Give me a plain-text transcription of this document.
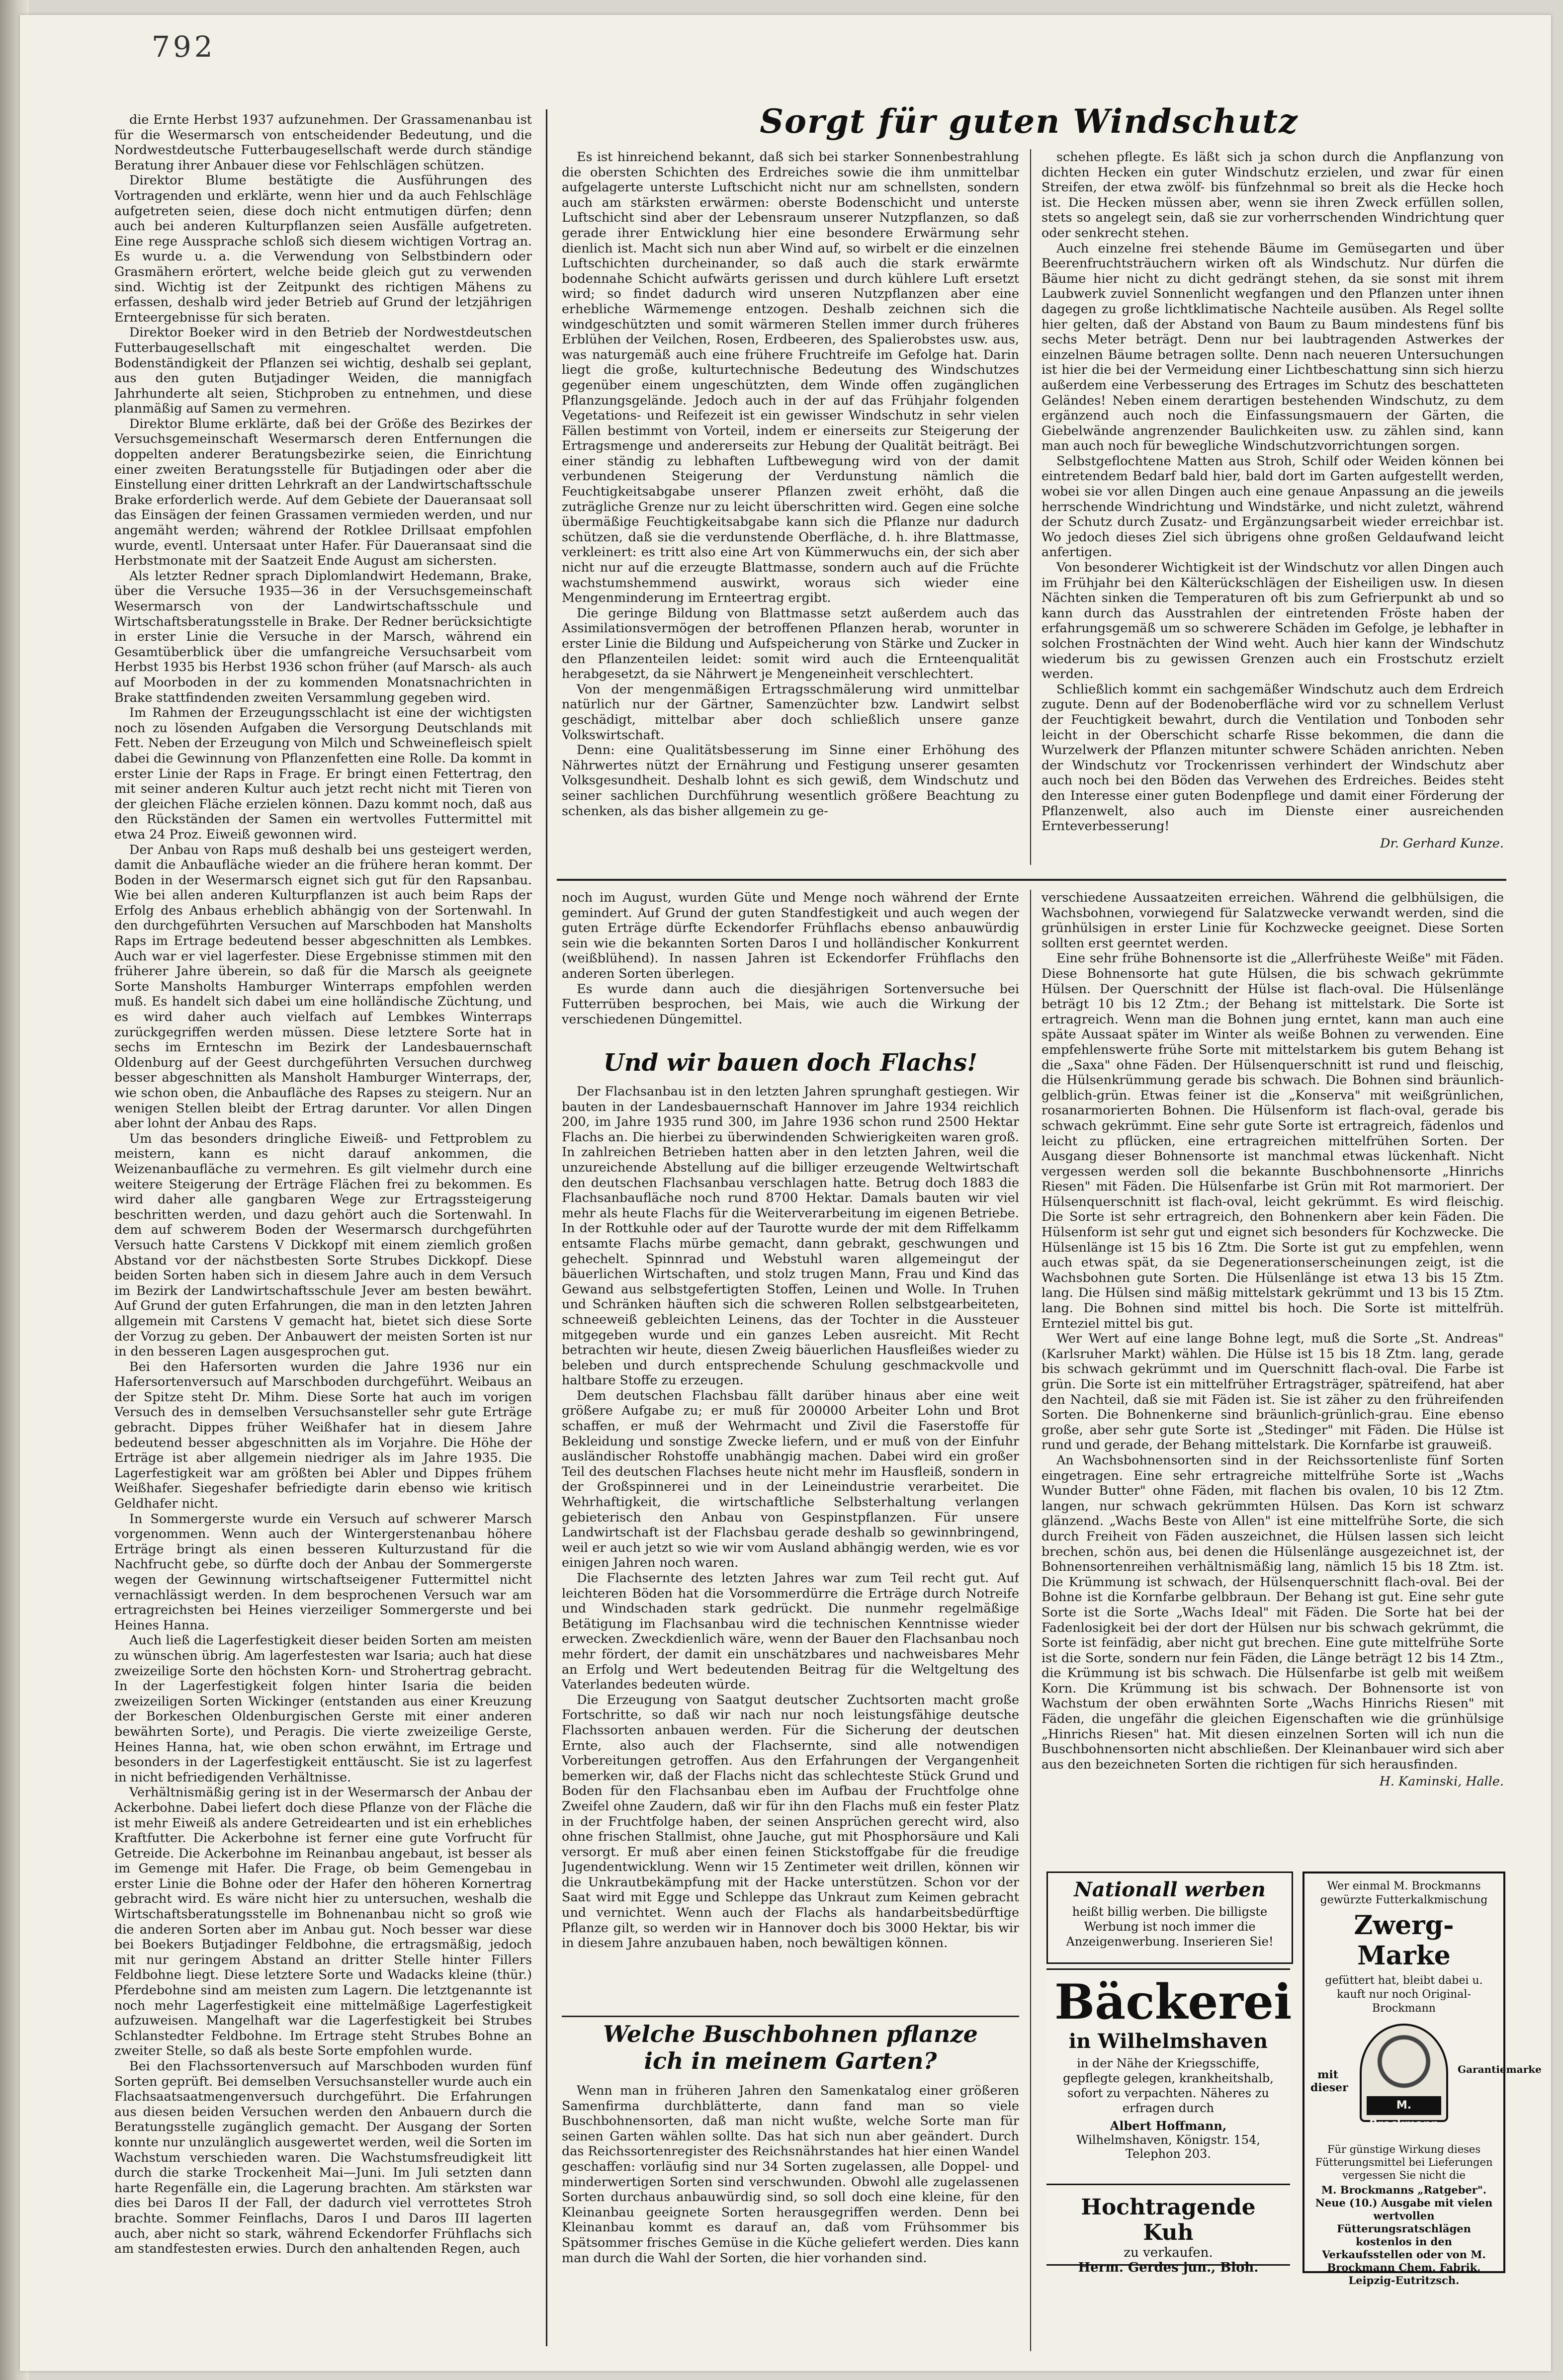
792

die Ernte Herbst 1937 aufzunehmen. Der Grassamenanbau ist für die Wesermarsch von entscheidender Bedeutung, und die Nordwestdeutsche Futterbaugesellschaft werde durch ständige Beratung ihrer Anbauer diese vor Fehlschlägen schützen.

Direktor Blume bestätigte die Ausführungen des Vortragenden und erklärte, wenn hier und da auch Fehlschläge aufgetreten seien, diese doch nicht entmutigen dürfen; denn auch bei anderen Kulturpflanzen seien Ausfälle aufgetreten. Eine rege Aussprache schloß sich diesem wichtigen Vortrag an. Es wurde u. a. die Verwendung von Selbstbindern oder Grasmähern erörtert, welche beide gleich gut zu verwenden sind. Wichtig ist der Zeitpunkt des richtigen Mähens zu erfassen, deshalb wird jeder Betrieb auf Grund der letzjährigen Ernteergebnisse für sich beraten.

Direktor Boeker wird in den Betrieb der Nordwestdeutschen Futterbaugesellschaft mit eingeschaltet werden. Die Bodenständigkeit der Pflanzen sei wichtig, deshalb sei geplant, aus den guten Butjadinger Weiden, die mannigfach Jahrhunderte alt seien, Stichproben zu entnehmen, und diese planmäßig auf Samen zu vermehren.

Direktor Blume erklärte, daß bei der Größe des Bezirkes der Versuchsgemeinschaft Wesermarsch deren Entfernungen die doppelten anderer Beratungsbezirke seien, die Einrichtung einer zweiten Beratungsstelle für Butjadingen oder aber die Einstellung einer dritten Lehrkraft an der Landwirtschaftsschule Brake erforderlich werde. Auf dem Gebiete der Daueransaat soll das Einsägen der feinen Grassamen vermieden werden, und nur angemäht werden; während der Rotklee Drillsaat empfohlen wurde, eventl. Untersaat unter Hafer. Für Daueransaat sind die Herbstmonate mit der Saatzeit Ende August am sichersten.

Als letzter Redner sprach Diplomlandwirt Hedemann, Brake, über die Versuche 1935—36 in der Versuchsgemeinschaft Wesermarsch von der Landwirtschaftsschule und Wirtschaftsberatungsstelle in Brake. Der Redner berücksichtigte in erster Linie die Versuche in der Marsch, während ein Gesamtüberblick über die umfangreiche Versuchsarbeit vom Herbst 1935 bis Herbst 1936 schon früher (auf Marsch- als auch auf Moorboden in der zu kommenden Monatsnachrichten in Brake stattfindenden zweiten Versammlung gegeben wird.

Im Rahmen der Erzeugungsschlacht ist eine der wichtigsten noch zu lösenden Aufgaben die Versorgung Deutschlands mit Fett. Neben der Erzeugung von Milch und Schweinefleisch spielt dabei die Gewinnung von Pflanzenfetten eine Rolle. Da kommt in erster Linie der Raps in Frage. Er bringt einen Fettertrag, den mit seiner anderen Kultur auch jetzt recht nicht mit Tieren von der gleichen Fläche erzielen können. Dazu kommt noch, daß aus den Rückständen der Samen ein wertvolles Futtermittel mit etwa 24 Proz. Eiweiß gewonnen wird.

Der Anbau von Raps muß deshalb bei uns gesteigert werden, damit die Anbaufläche wieder an die frühere heran kommt. Der Boden in der Wesermarsch eignet sich gut für den Rapsanbau. Wie bei allen anderen Kulturpflanzen ist auch beim Raps der Erfolg des Anbaus erheblich abhängig von der Sortenwahl. In den durchgeführten Versuchen auf Marschboden hat Mansholts Raps im Ertrage bedeutend besser abgeschnitten als Lembkes. Auch war er viel lagerfester. Diese Ergebnisse stimmen mit den früherer Jahre überein, so daß für die Marsch als geeignete Sorte Mansholts Hamburger Winterraps empfohlen werden muß. Es handelt sich dabei um eine holländische Züchtung, und es wird daher auch vielfach auf Lembkes Winterraps zurückgegriffen werden müssen. Diese letztere Sorte hat in sechs im Ernteschn im Bezirk der Landesbauernschaft Oldenburg auf der Geest durchgeführten Versuchen durchweg besser abgeschnitten als Mansholt Hamburger Winterraps, der, wie schon oben, die Anbaufläche des Rapses zu steigern. Nur an wenigen Stellen bleibt der Ertrag darunter. Vor allen Dingen aber lohnt der Anbau des Raps.

Um das besonders dringliche Eiweiß- und Fettproblem zu meistern, kann es nicht darauf ankommen, die Weizenanbaufläche zu vermehren. Es gilt vielmehr durch eine weitere Steigerung der Erträge Flächen frei zu bekommen. Es wird daher alle gangbaren Wege zur Ertragssteigerung beschritten werden, und dazu gehört auch die Sortenwahl. In dem auf schwerem Boden der Wesermarsch durchgeführten Versuch hatte Carstens V Dickkopf mit einem ziemlich großen Abstand vor der nächstbesten Sorte Strubes Dickkopf. Diese beiden Sorten haben sich in diesem Jahre auch in dem Versuch im Bezirk der Landwirtschaftsschule Jever am besten bewährt. Auf Grund der guten Erfahrungen, die man in den letzten Jahren allgemein mit Carstens V gemacht hat, bietet sich diese Sorte der Vorzug zu geben. Der Anbauwert der meisten Sorten ist nur in den besseren Lagen ausgesprochen gut.

Bei den Hafersorten wurden die Jahre 1936 nur ein Hafersortenversuch auf Marschboden durchgeführt. Weibaus an der Spitze steht Dr. Mihm. Diese Sorte hat auch im vorigen Versuch des in demselben Versuchsansteller sehr gute Erträge gebracht. Dippes früher Weißhafer hat in diesem Jahre bedeutend besser abgeschnitten als im Vorjahre. Die Höhe der Erträge ist aber allgemein niedriger als im Jahre 1935. Die Lagerfestigkeit war am größten bei Abler und Dippes frühem Weißhafer. Siegeshafer befriedigte darin ebenso wie kritisch Geldhafer nicht.

In Sommergerste wurde ein Versuch auf schwerer Marsch vorgenommen. Wenn auch der Wintergerstenanbau höhere Erträge bringt als einen besseren Kulturzustand für die Nachfrucht gebe, so dürfte doch der Anbau der Sommergerste wegen der Gewinnung wirtschaftseigener Futtermittel nicht vernachlässigt werden. In dem besprochenen Versuch war am ertragreichsten bei Heines vierzeiliger Sommergerste und bei Heines Hanna.

Auch ließ die Lagerfestigkeit dieser beiden Sorten am meisten zu wünschen übrig. Am lagerfestesten war Isaria; auch hat diese zweizeilige Sorte den höchsten Korn- und Strohertrag gebracht. In der Lagerfestigkeit folgen hinter Isaria die beiden zweizeiligen Sorten Wickinger (entstanden aus einer Kreuzung der Borkeschen Oldenburgischen Gerste mit einer anderen bewährten Sorte), und Peragis. Die vierte zweizeilige Gerste, Heines Hanna, hat, wie oben schon erwähnt, im Ertrage und besonders in der Lagerfestigkeit enttäuscht. Sie ist zu lagerfest in nicht befriedigenden Verhältnisse.

Verhältnismäßig gering ist in der Wesermarsch der Anbau der Ackerbohne. Dabei liefert doch diese Pflanze von der Fläche die ist mehr Eiweiß als andere Getreidearten und ist ein erhebliches Kraftfutter. Die Ackerbohne ist ferner eine gute Vorfrucht für Getreide. Die Ackerbohne im Reinanbau angebaut, ist besser als im Gemenge mit Hafer. Die Frage, ob beim Gemengebau in erster Linie die Bohne oder der Hafer den höheren Kornertrag gebracht wird. Es wäre nicht hier zu untersuchen, weshalb die Wirtschaftsberatungsstelle im Bohnenanbau nicht so groß wie die anderen Sorten aber im Anbau gut. Noch besser war diese bei Boekers Butjadinger Feldbohne, die ertragsmäßig, jedoch mit nur geringem Abstand an dritter Stelle hinter Fillers Feldbohne liegt. Diese letztere Sorte und Wadacks kleine (thür.) Pferdebohne sind am meisten zum Lagern. Die letztgenannte ist noch mehr Lagerfestigkeit eine mittelmäßige Lagerfestigkeit aufzuweisen. Mangelhaft war die Lagerfestigkeit bei Strubes Schlanstedter Feldbohne. Im Ertrage steht Strubes Bohne an zweiter Stelle, so daß als beste Sorte empfohlen wurde.

Bei den Flachssortenversuch auf Marschboden wurden fünf Sorten geprüft. Bei demselben Versuchsansteller wurde auch ein Flachsaatsaatmengenversuch durchgeführt. Die Erfahrungen aus diesen beiden Versuchen werden den Anbauern durch die Beratungsstelle zugänglich gemacht. Der Ausgang der Sorten konnte nur unzulänglich ausgewertet werden, weil die Sorten im Wachstum verschieden waren. Die Wachstumsfreudigkeit litt durch die starke Trockenheit Mai—Juni. Im Juli setzten dann harte Regenfälle ein, die Lagerung brachten. Am stärksten war dies bei Daros II der Fall, der dadurch viel verrottetes Stroh brachte. Sommer Feinflachs, Daros I und Daros III lagerten auch, aber nicht so stark, während Eckendorfer Frühflachs sich am standfestesten erwies. Durch den anhaltenden Regen, auch

Sorgt für guten Windschutz

Es ist hinreichend bekannt, daß sich bei starker Sonnenbestrahlung die obersten Schichten des Erdreiches sowie die ihm unmittelbar aufgelagerte unterste Luftschicht nicht nur am schnellsten, sondern auch am stärksten erwärmen: oberste Bodenschicht und unterste Luftschicht sind aber der Lebensraum unserer Nutzpflanzen, so daß gerade ihrer Entwicklung hier eine besondere Erwärmung sehr dienlich ist. Macht sich nun aber Wind auf, so wirbelt er die einzelnen Luftschichten durcheinander, so daß auch die stark erwärmte bodennahe Schicht aufwärts gerissen und durch kühlere Luft ersetzt wird; so findet dadurch wird unseren Nutzpflanzen aber eine erhebliche Wärmemenge entzogen. Deshalb zeichnen sich die windgeschützten und somit wärmeren Stellen immer durch früheres Erblühen der Veilchen, Rosen, Erdbeeren, des Spalierobstes usw. aus, was naturgemäß auch eine frühere Fruchtreife im Gefolge hat. Darin liegt die große, kulturtechnische Bedeutung des Windschutzes gegenüber einem ungeschützten, dem Winde offen zugänglichen Pflanzungsgelände. Jedoch auch in der auf das Frühjahr folgenden Vegetations- und Reifezeit ist ein gewisser Windschutz in sehr vielen Fällen bestimmt von Vorteil, indem er einerseits zur Steigerung der Ertragsmenge und andererseits zur Hebung der Qualität beiträgt. Bei einer ständig zu lebhaften Luftbewegung wird von der damit verbundenen Steigerung der Verdunstung nämlich die Feuchtigkeitsabgabe unserer Pflanzen zweit erhöht, daß die zuträgliche Grenze nur zu leicht überschritten wird. Gegen eine solche übermäßige Feuchtigkeitsabgabe kann sich die Pflanze nur dadurch schützen, daß sie die verdunstende Oberfläche, d. h. ihre Blattmasse, verkleinert: es tritt also eine Art von Kümmerwuchs ein, der sich aber nicht nur auf die erzeugte Blattmasse, sondern auch auf die Früchte wachstumshemmend auswirkt, woraus sich wieder eine Mengenminderung im Ernteertrag ergibt.

Die geringe Bildung von Blattmasse setzt außerdem auch das Assimilationsvermögen der betroffenen Pflanzen herab, worunter in erster Linie die Bildung und Aufspeicherung von Stärke und Zucker in den Pflanzenteilen leidet: somit wird auch die Ernteenqualität herabgesetzt, da sie Nährwert je Mengeneinheit verschlechtert.

Von der mengenmäßigen Ertragsschmälerung wird unmittelbar natürlich nur der Gärtner, Samenzüchter bzw. Landwirt selbst geschädigt, mittelbar aber doch schließlich unsere ganze Volkswirtschaft.

Denn: eine Qualitätsbesserung im Sinne einer Erhöhung des Nährwertes nützt der Ernährung und Festigung unserer gesamten Volksgesundheit. Deshalb lohnt es sich gewiß, dem Windschutz und seiner sachlichen Durchführung wesentlich größere Beachtung zu schenken, als das bisher allgemein zu ge-

schehen pflegte. Es läßt sich ja schon durch die Anpflanzung von dichten Hecken ein guter Windschutz erzielen, und zwar für einen Streifen, der etwa zwölf- bis fünfzehnmal so breit als die Hecke hoch ist. Die Hecken müssen aber, wenn sie ihren Zweck erfüllen sollen, stets so angelegt sein, daß sie zur vorherrschenden Windrichtung quer oder senkrecht stehen.

Auch einzelne frei stehende Bäume im Gemüsegarten und über Beerenfruchtsträuchern wirken oft als Windschutz. Nur dürfen die Bäume hier nicht zu dicht gedrängt stehen, da sie sonst mit ihrem Laubwerk zuviel Sonnenlicht wegfangen und den Pflanzen unter ihnen dagegen zu große lichtklimatische Nachteile ausüben. Als Regel sollte hier gelten, daß der Abstand von Baum zu Baum mindestens fünf bis sechs Meter beträgt. Denn nur bei laubtragenden Astwerkes der einzelnen Bäume betragen sollte. Denn nach neueren Untersuchungen ist hier die bei der Vermeidung einer Lichtbeschattung sinn sich hierzu außerdem eine Verbesserung des Ertrages im Schutz des beschatteten Geländes! Neben einem derartigen bestehenden Windschutz, zu dem ergänzend auch noch die Einfassungsmauern der Gärten, die Giebelwände angrenzender Baulichkeiten usw. zu zählen sind, kann man auch noch für bewegliche Windschutzvorrichtungen sorgen.

Selbstgeflochtene Matten aus Stroh, Schilf oder Weiden können bei eintretendem Bedarf bald hier, bald dort im Garten aufgestellt werden, wobei sie vor allen Dingen auch eine genaue Anpassung an die jeweils herrschende Windrichtung und Windstärke, und nicht zuletzt, während der Schutz durch Zusatz- und Ergänzungsarbeit wieder erreichbar ist. Wo jedoch dieses Ziel sich übrigens ohne großen Geldaufwand leicht anfertigen.

Von besonderer Wichtigkeit ist der Windschutz vor allen Dingen auch im Frühjahr bei den Kälterückschlägen der Eisheiligen usw. In diesen Nächten sinken die Temperaturen oft bis zum Gefrierpunkt ab und so kann durch das Ausstrahlen der eintretenden Fröste haben der erfahrungsgemäß um so schwerere Schäden im Gefolge, je lebhafter in solchen Frostnächten der Wind weht. Auch hier kann der Windschutz wiederum bis zu gewissen Grenzen auch ein Frostschutz erzielt werden.

Schließlich kommt ein sachgemäßer Windschutz auch dem Erdreich zugute. Denn auf der Bodenoberfläche wird vor zu schnellem Verlust der Feuchtigkeit bewahrt, durch die Ventilation und Tonboden sehr leicht in der Oberschicht scharfe Risse bekommen, die dann die Wurzelwerk der Pflanzen mitunter schwere Schäden anrichten. Neben der Windschutz vor Trockenrissen verhindert der Windschutz aber auch noch bei den Böden das Verwehen des Erdreiches. Beides steht den Interesse einer guten Bodenpflege und damit einer Förderung der Pflanzenwelt, also auch im Dienste einer ausreichenden Ernteverbesserung!

Dr. Gerhard Kunze.

noch im August, wurden Güte und Menge noch während der Ernte gemindert. Auf Grund der guten Standfestigkeit und auch wegen der guten Erträge dürfte Eckendorfer Frühflachs ebenso anbauwürdig sein wie die bekannten Sorten Daros I und holländischer Konkurrent (weißblühend). In nassen Jahren ist Eckendorfer Frühflachs den anderen Sorten überlegen.

Es wurde dann auch die diesjährigen Sortenversuche bei Futterrüben besprochen, bei Mais, wie auch die Wirkung der verschiedenen Düngemittel.

Und wir bauen doch Flachs!

Der Flachsanbau ist in den letzten Jahren sprunghaft gestiegen. Wir bauten in der Landesbauernschaft Hannover im Jahre 1934 reichlich 200, im Jahre 1935 rund 300, im Jahre 1936 schon rund 2500 Hektar Flachs an. Die hierbei zu überwindenden Schwierigkeiten waren groß. In zahlreichen Betrieben hatten aber in den letzten Jahren, weil die unzureichende Abstellung auf die billiger erzeugende Weltwirtschaft den deutschen Flachsanbau verschlagen hatte. Betrug doch 1883 die Flachsanbaufläche noch rund 8700 Hektar. Damals bauten wir viel mehr als heute Flachs für die Weiterverarbeitung im eigenen Betriebe. In der Rottkuhle oder auf der Taurotte wurde der mit dem Riffelkamm entsamte Flachs mürbe gemacht, dann gebrakt, geschwungen und gehechelt. Spinnrad und Webstuhl waren allgemeingut der bäuerlichen Wirtschaften, und stolz trugen Mann, Frau und Kind das Gewand aus selbstgefertigten Stoffen, Leinen und Wolle. In Truhen und Schränken häuften sich die schweren Rollen selbstgearbeiteten, schneeweiß gebleichten Leinens, das der Tochter in die Aussteuer mitgegeben wurde und ein ganzes Leben ausreicht. Mit Recht betrachten wir heute, diesen Zweig bäuerlichen Hausfleißes wieder zu beleben und durch entsprechende Schulung geschmackvolle und haltbare Stoffe zu erzeugen.

Dem deutschen Flachsbau fällt darüber hinaus aber eine weit größere Aufgabe zu; er muß für 200000 Arbeiter Lohn und Brot schaffen, er muß der Wehrmacht und Zivil die Faserstoffe für Bekleidung und sonstige Zwecke liefern, und er muß von der Einfuhr ausländischer Rohstoffe unabhängig machen. Dabei wird ein großer Teil des deutschen Flachses heute nicht mehr im Hausfleiß, sondern in der Großspinnerei und in der Leineindustrie verarbeitet. Die Wehrhaftigkeit, die wirtschaftliche Selbsterhaltung verlangen gebieterisch den Anbau von Gespinstpflanzen. Für unsere Landwirtschaft ist der Flachsbau gerade deshalb so gewinnbringend, weil er auch jetzt so wie wir vom Ausland abhängig werden, wie es vor einigen Jahren noch waren.

Die Flachsernte des letzten Jahres war zum Teil recht gut. Auf leichteren Böden hat die Vorsommerdürre die Erträge durch Notreife und Windschaden stark gedrückt. Die nunmehr regelmäßige Betätigung im Flachsanbau wird die technischen Kenntnisse wieder erwecken. Zweckdienlich wäre, wenn der Bauer den Flachsanbau noch mehr fördert, der damit ein unschätzbares und nachweisbares Mehr an Erfolg und Wert bedeutenden Beitrag für die Weltgeltung des Vaterlandes bedeuten würde.

Die Erzeugung von Saatgut deutscher Zuchtsorten macht große Fortschritte, so daß wir nach nur noch leistungsfähige deutsche Flachssorten anbauen werden. Für die Sicherung der deutschen Ernte, also auch der Flachsernte, sind alle notwendigen Vorbereitungen getroffen. Aus den Erfahrungen der Vergangenheit bemerken wir, daß der Flachs nicht das schlechteste Stück Grund und Boden für den Flachsanbau eben im Aufbau der Fruchtfolge ohne Zweifel ohne Zaudern, daß wir für ihn den Flachs muß ein fester Platz in der Fruchtfolge haben, der seinen Ansprüchen gerecht wird, also ohne frischen Stallmist, ohne Jauche, gut mit Phosphorsäure und Kali versorgt. Er muß aber einen feinen Stickstoffgabe für die freudige Jugendentwicklung. Wenn wir 15 Zentimeter weit drillen, können wir die Unkrautbekämpfung mit der Hacke unterstützen. Schon vor der Saat wird mit Egge und Schleppe das Unkraut zum Keimen gebracht und vernichtet. Wenn auch der Flachs als handarbeitsbedürftige Pflanze gilt, so werden wir in Hannover doch bis 3000 Hektar, bis wir in diesem Jahre anzubauen haben, noch bewältigen können.

Welche Buschbohnen pflanze
ich in meinem Garten?

Wenn man in früheren Jahren den Samenkatalog einer größeren Samenfirma durchblätterte, dann fand man so viele Buschbohnensorten, daß man nicht wußte, welche Sorte man für seinen Garten wählen sollte. Das hat sich nun aber geändert. Durch das Reichssortenregister des Reichsnährstandes hat hier einen Wandel geschaffen: vorläufig sind nur 34 Sorten zugelassen, alle Doppel- und minderwertigen Sorten sind verschwunden. Obwohl alle zugelassenen Sorten durchaus anbauwürdig sind, so soll doch eine kleine, für den Kleinanbau geeignete Sorten herausgegriffen werden. Denn bei Kleinanbau kommt es darauf an, daß vom Frühsommer bis Spätsommer frisches Gemüse in die Küche geliefert werden. Dies kann man durch die Wahl der Sorten, die hier vorhanden sind.

verschiedene Aussaatzeiten erreichen. Während die gelbhülsigen, die Wachsbohnen, vorwiegend für Salatzwecke verwandt werden, sind die grünhülsigen in erster Linie für Kochzwecke geeignet. Diese Sorten sollten erst geerntet werden.

Eine sehr frühe Bohnensorte ist die „Allerfrüheste Weiße" mit Fäden. Diese Bohnensorte hat gute Hülsen, die bis schwach gekrümmte Hülsen. Der Querschnitt der Hülse ist flach-oval. Die Hülsenlänge beträgt 10 bis 12 Ztm.; der Behang ist mittelstark. Die Sorte ist ertragreich. Wenn man die Bohnen jung erntet, kann man auch eine späte Aussaat später im Winter als weiße Bohnen zu verwenden. Eine empfehlenswerte frühe Sorte mit mittelstarkem bis gutem Behang ist die „Saxa" ohne Fäden. Der Hülsenquerschnitt ist rund und fleischig, die Hülsenkrümmung gerade bis schwach. Die Bohnen sind bräunlich-gelblich-grün. Etwas feiner ist die „Konserva" mit weißgrünlichen, rosanarmorierten Bohnen. Die Hülsenform ist flach-oval, gerade bis schwach gekrümmt. Eine sehr gute Sorte ist ertragreich, fädenlos und leicht zu pflücken, eine ertragreichen mittelfrühen Sorten. Der Ausgang dieser Bohnensorte ist manchmal etwas lückenhaft. Nicht vergessen werden soll die bekannte Buschbohnensorte „Hinrichs Riesen" mit Fäden. Die Hülsenfarbe ist Grün mit Rot marmoriert. Der Hülsenquerschnitt ist flach-oval, leicht gekrümmt. Es wird fleischig. Die Sorte ist sehr ertragreich, den Bohnenkern aber kein Fäden. Die Hülsenform ist sehr gut und eignet sich besonders für Kochzwecke. Die Hülsenlänge ist 15 bis 16 Ztm. Die Sorte ist gut zu empfehlen, wenn auch etwas spät, da sie Degenerationserscheinungen zeigt, ist die Wachsbohnen gute Sorten. Die Hülsenlänge ist etwa 13 bis 15 Ztm. lang. Die Hülsen sind mäßig mittelstark gekrümmt und 13 bis 15 Ztm. lang. Die Bohnen sind mittel bis hoch. Die Sorte ist mittelfrüh. Ernteziel mittel bis gut.

Wer Wert auf eine lange Bohne legt, muß die Sorte „St. Andreas" (Karlsruher Markt) wählen. Die Hülse ist 15 bis 18 Ztm. lang, gerade bis schwach gekrümmt und im Querschnitt flach-oval. Die Farbe ist grün. Die Sorte ist ein mittelfrüher Ertragsträger, spätreifend, hat aber den Nachteil, daß sie mit Fäden ist. Sie ist zäher zu den frühreifenden Sorten. Die Bohnenkerne sind bräunlich-grünlich-grau. Eine ebenso große, aber sehr gute Sorte ist „Stedinger" mit Fäden. Die Hülse ist rund und gerade, der Behang mittelstark. Die Kornfarbe ist grauweiß.

An Wachsbohnensorten sind in der Reichssortenliste fünf Sorten eingetragen. Eine sehr ertragreiche mittelfrühe Sorte ist „Wachs Wunder Butter" ohne Fäden, mit flachen bis ovalen, 10 bis 12 Ztm. langen, nur schwach gekrümmten Hülsen. Das Korn ist schwarz glänzend. „Wachs Beste von Allen" ist eine mittelfrühe Sorte, die sich durch Freiheit von Fäden auszeichnet, die Hülsen lassen sich leicht brechen, schön aus, bei denen die Hülsenlänge ausgezeichnet ist, der Bohnensortenreihen verhältnismäßig lang, nämlich 15 bis 18 Ztm. ist. Die Krümmung ist schwach, der Hülsenquerschnitt flach-oval. Bei der Bohne ist die Kornfarbe gelbbraun. Der Behang ist gut. Eine sehr gute Sorte ist die Sorte „Wachs Ideal" mit Fäden. Die Sorte hat bei der Fadenlosigkeit bei der dort der Hülsen nur bis schwach gekrümmt, die Sorte ist feinfädig, aber nicht gut brechen. Eine gute mittelfrühe Sorte ist die Sorte, sondern nur fein Fäden, die Länge beträgt 12 bis 14 Ztm., die Krümmung ist bis schwach. Die Hülsenfarbe ist gelb mit weißem Korn. Die Krümmung ist bis schwach. Der Bohnensorte ist von Wachstum der oben erwähnten Sorte „Wachs Hinrichs Riesen" mit Fäden, die ungefähr die gleichen Eigenschaften wie die grünhülsige „Hinrichs Riesen" hat. Mit diesen einzelnen Sorten will ich nun die Buschbohnensorten nicht abschließen. Der Kleinanbauer wird sich aber aus den bezeichneten Sorten die richtigen für sich herausfinden.

H. Kaminski, Halle.
Nationall werben
heißt billig werben. Die billigste Werbung ist noch immer die Anzeigenwerbung. Inserieren Sie!
Bäckerei
in Wilhelmshaven
in der Nähe der Kriegsschiffe, gepflegte gelegen, krankheitshalb, sofort zu verpachten. Näheres zu erfragen durch
Albert Hoffmann,
Wilhelmshaven, Königstr. 154,
Telephon 203.
Hochtragende Kuh
zu verkaufen.
Herm. Gerdes jun., Bloh.
Wer einmal M. Brockmanns gewürzte Futterkalkmischung
Zwerg-Marke
gefüttert hat, bleibt dabei u. kauft nur noch Original-Brockmann
mit dieser
M. Brockmann
Garantiemarke
Für günstige Wirkung dieses Fütterungsmittel bei Lieferungen vergessen Sie nicht die
M. Brockmanns „Ratgeber". Neue (10.) Ausgabe mit vielen wertvollen Fütterungsratschlägen kostenlos in den Verkaufsstellen oder von M. Brockmann Chem. Fabrik, Leipzig-Eutritzsch.
